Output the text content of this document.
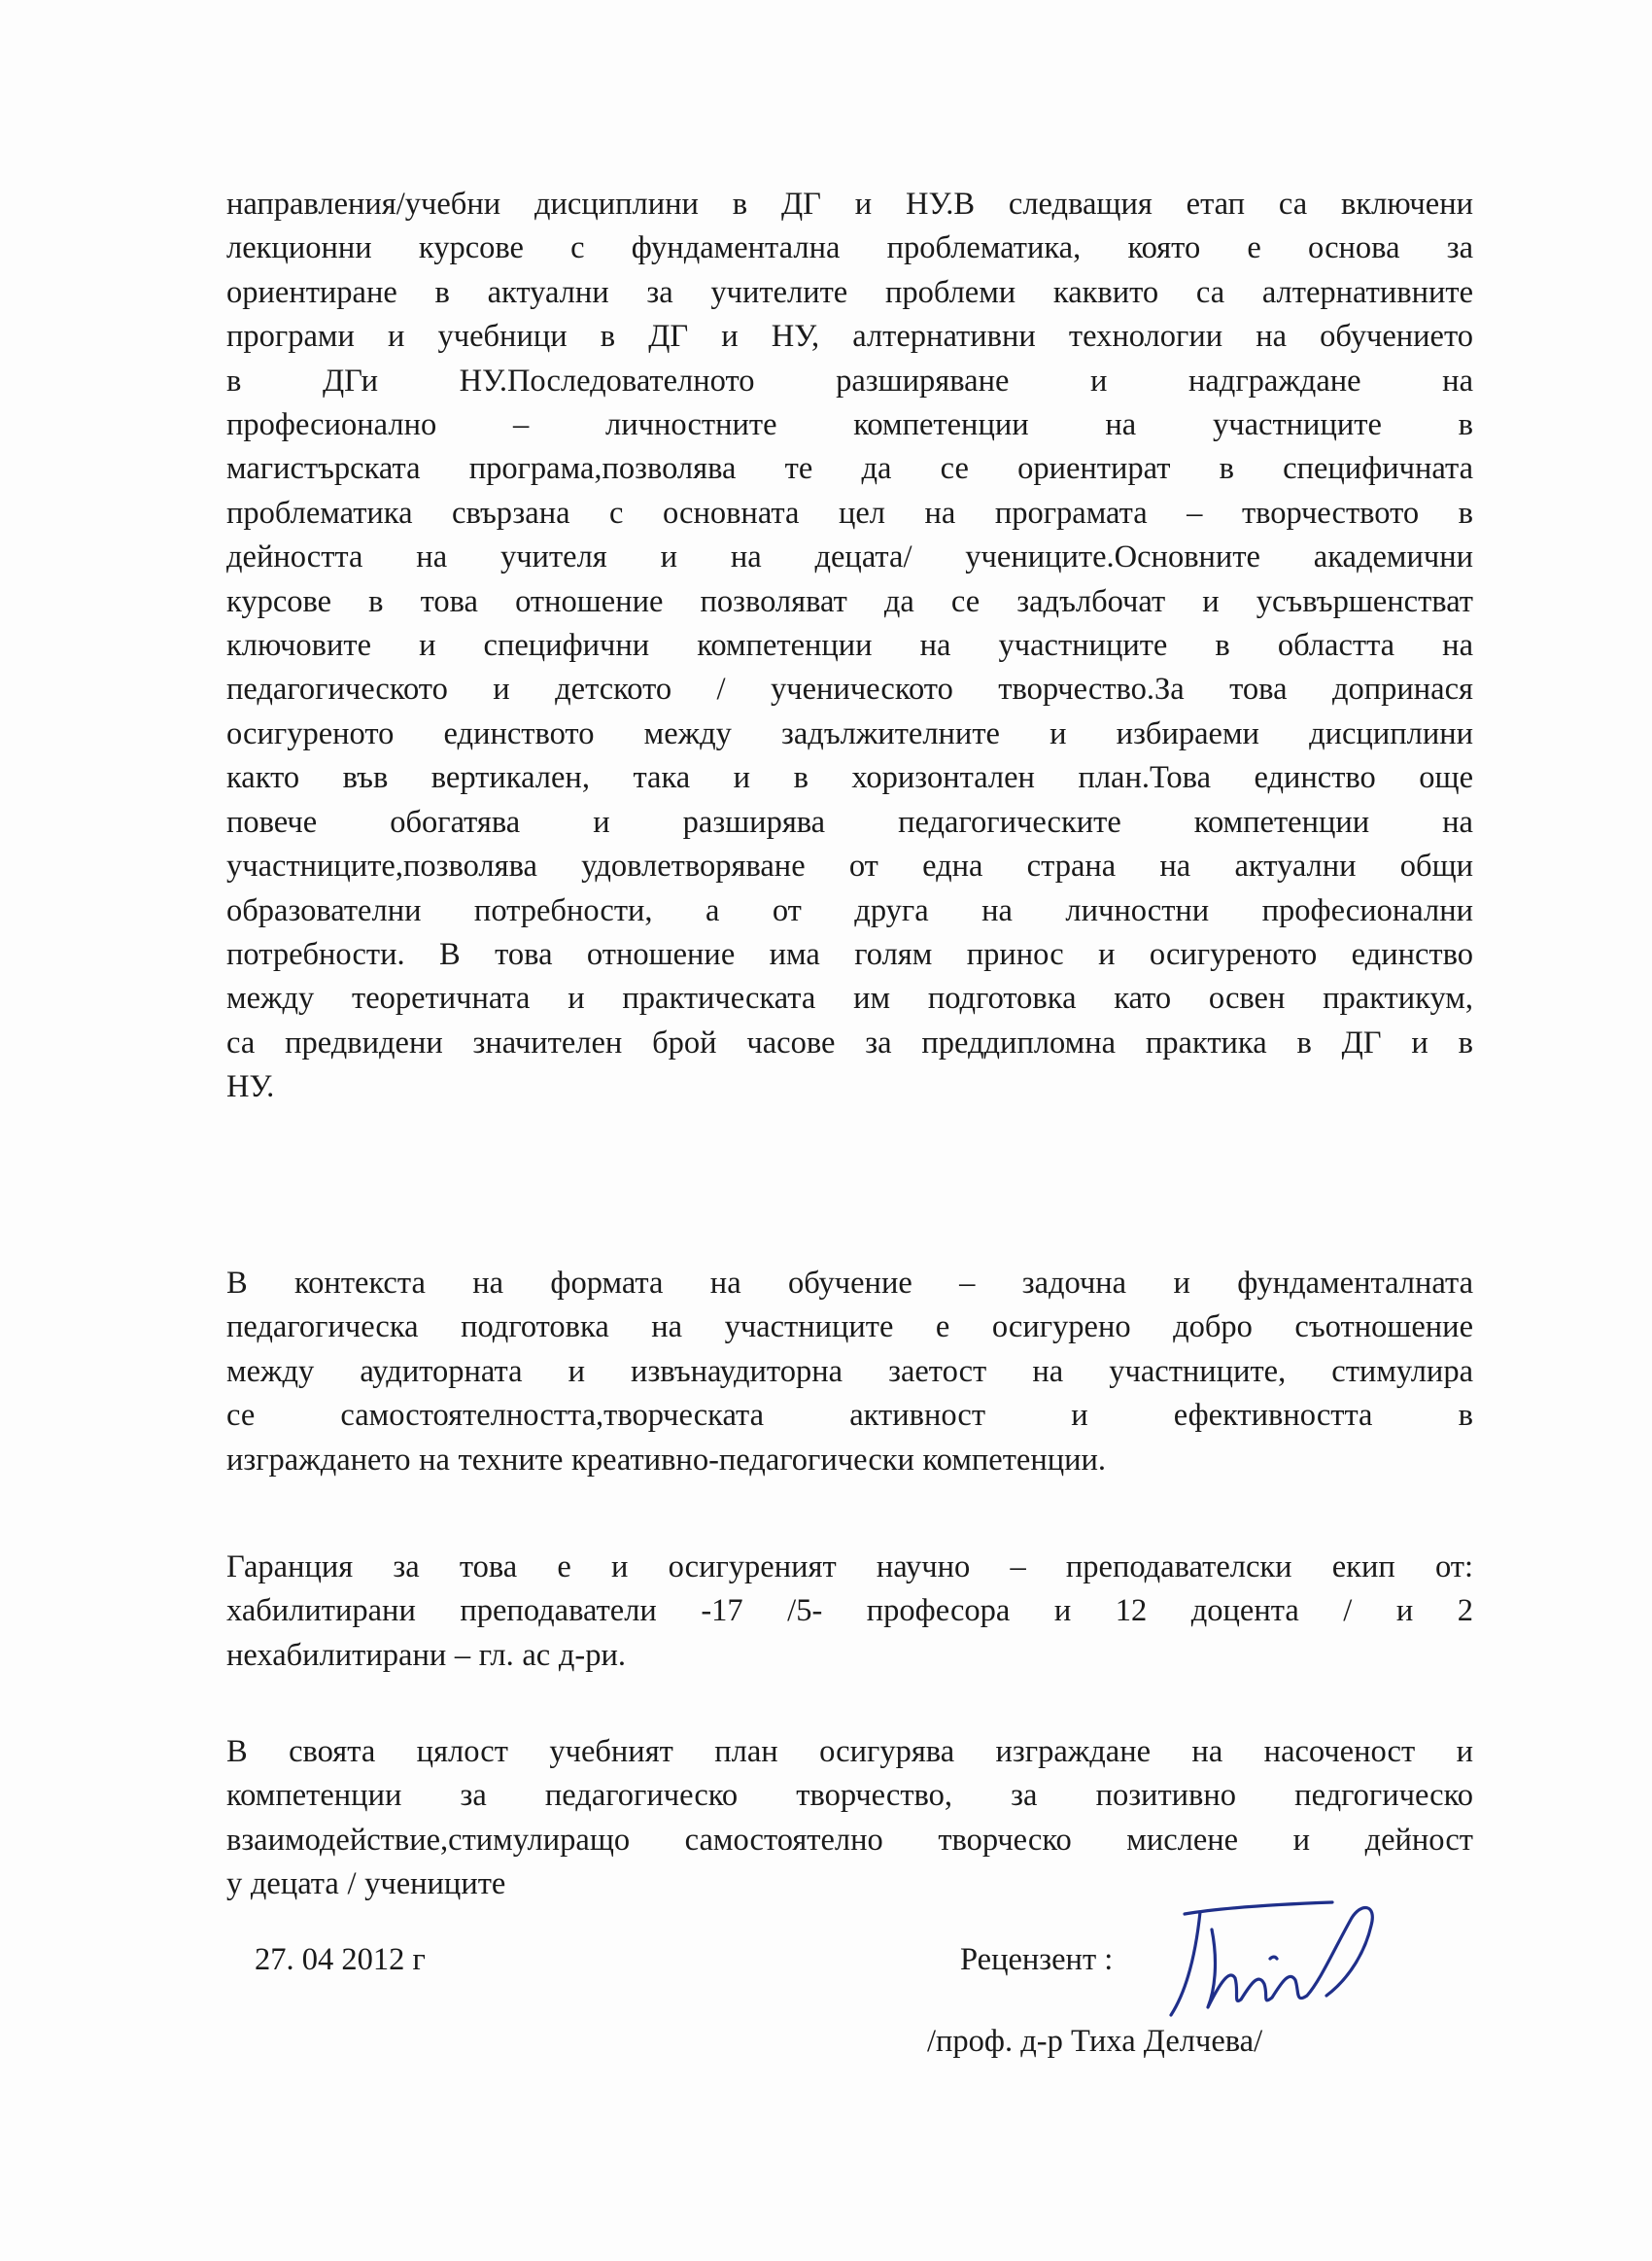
направления/учебни дисциплини в ДГ и НУ.В следващия етап са включени
лекционни курсове с фундаментална проблематика, която е основа за
ориентиране в актуални за учителите проблеми каквито са алтернативните
програми и учебници в ДГ и НУ, алтернативни технологии на обучението
в ДГи НУ.Последователното разширяване и надграждане на
професионално – личностните компетенции на участниците в
магистърската програма,позволява те да се ориентират в специфичната
проблематика свързана с основната цел на програмата – творчеството в
дейността на учителя и на децата/ учениците.Основните академични
курсове в това отношение позволяват да се задълбочат и усъвършенстват
ключовите и специфични компетенции на участниците в областта на
педагогическото и детското / ученическото творчество.За това допринася
осигуреното единството между задължителните и избираеми дисциплини
както във вертикален, така и в хоризонтален план.Това единство още
повече обогатява и разширява педагогическите компетенции на
участниците,позволява удовлетворяване от една страна на актуални общи
образователни потребности, а от друга на личностни професионални
потребности. В това отношение има голям принос и осигуреното единство
между теоретичната и практическата им подготовка като освен практикум,
са предвидени значителен брой часове за преддипломна практика в ДГ и в
НУ.
В контекста на формата на обучение – задочна и фундаменталната
педагогическа подготовка на участниците е осигурено добро съотношение
между аудиторната и извънаудиторна заетост на участниците, стимулира
се самостоятелността,творческата активност и ефективността в
изграждането на техните креативно-педагогически компетенции.
Гаранция за това е и осигуреният научно – преподавателски екип от:
хабилитирани преподаватели -17 /5- професора и 12 доцента / и 2
нехабилитирани – гл. ас д-ри.
В своята цялост учебният план осигурява изграждане на насоченост и
компетенции за педагогическо творчество, за позитивно педгогическо
взаимодействие,стимулиращо самостоятелно творческо мислене и дейност
у децата / учениците
27. 04 2012 г	Рецензент :
/проф. д-р Тиха Делчева/
